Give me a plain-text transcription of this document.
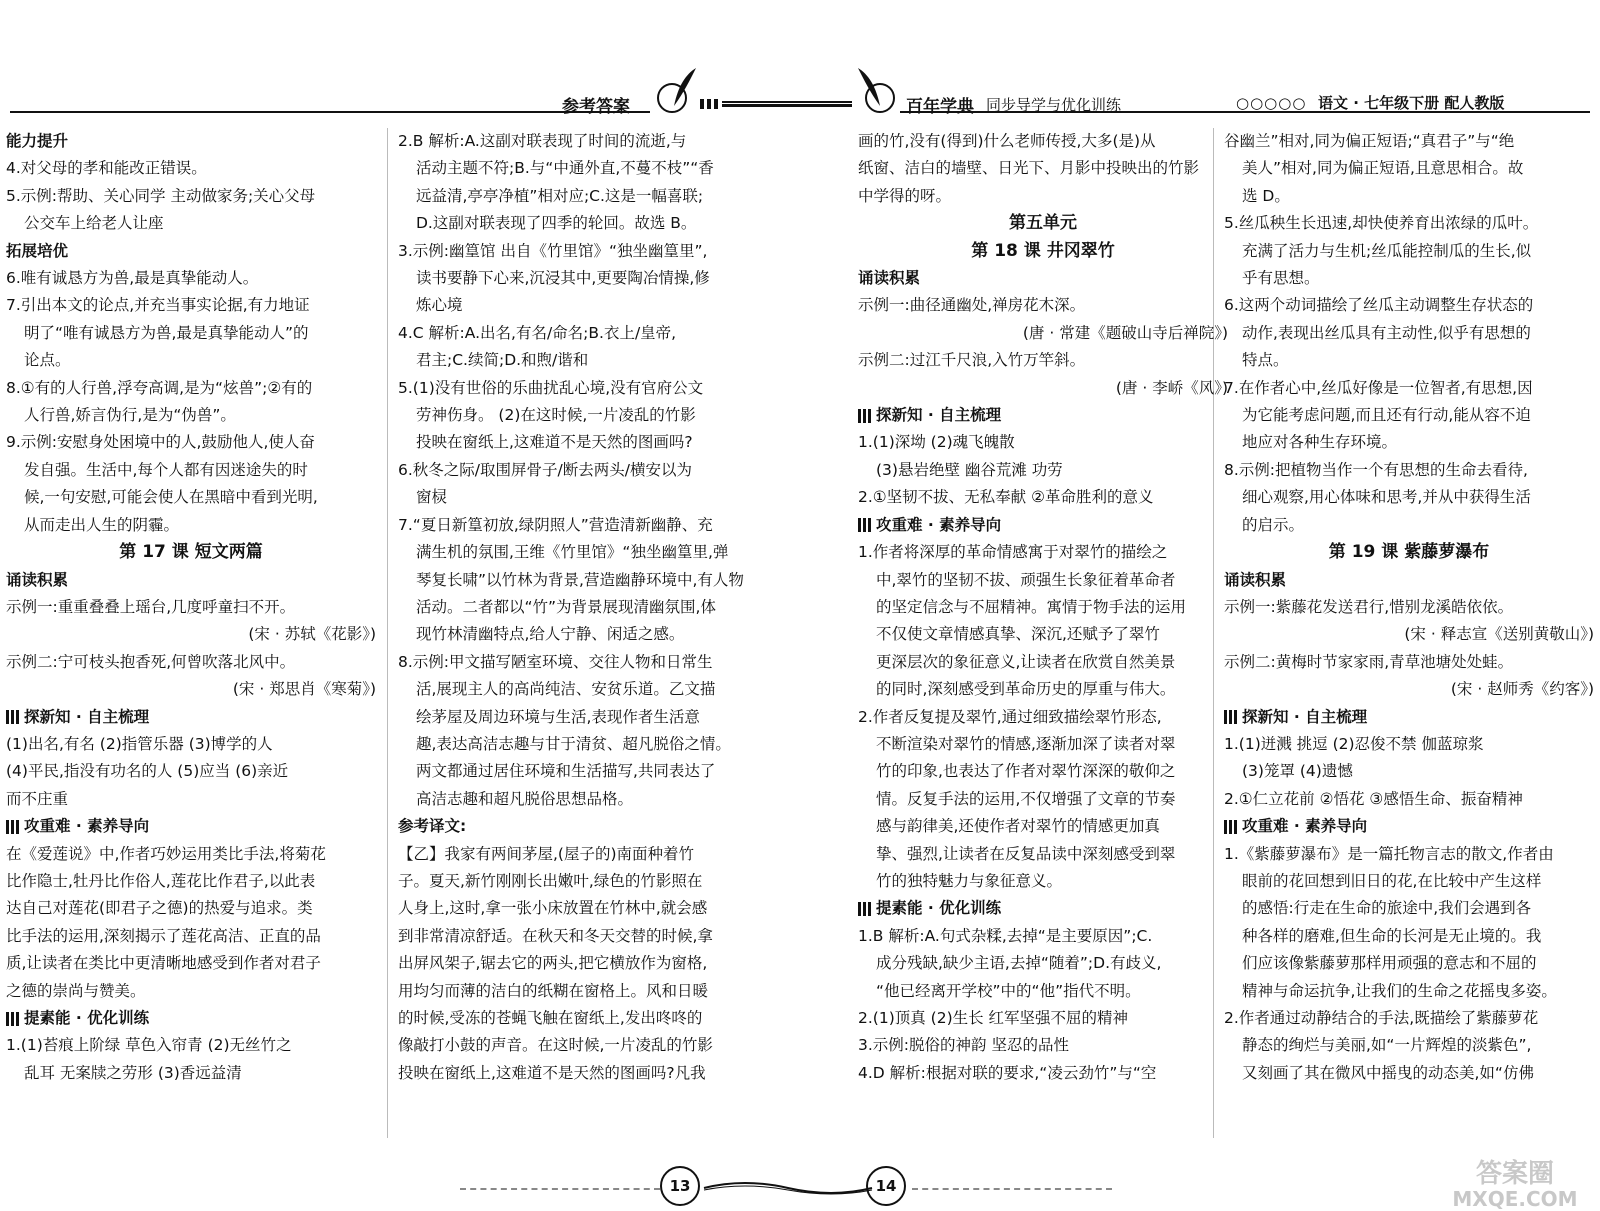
参考答案	百年学典 同步导学与优化训练	○○○○○ 语文 · 七年级下册 配人教版

能力提升

4.对父母的孝和能改正错误。

5.示例:帮助、关心同学 主动做家务;关心父母

公交车上给老人让座

拓展培优

6.唯有诚恳方为兽,最是真挚能动人。

7.引出本文的论点,并充当事实论据,有力地证

明了“唯有诚恳方为兽,最是真挚能动人”的

论点。

8.①有的人行兽,浮夸高调,是为“炫兽”;②有的

人行兽,娇言伪行,是为“伪兽”。

9.示例:安慰身处困境中的人,鼓励他人,使人奋

发自强。生活中,每个人都有因迷途失的时

候,一句安慰,可能会使人在黑暗中看到光明,

从而走出人生的阴霾。

第 17 课 短文两篇

诵读积累

示例一:重重叠叠上瑶台,几度呼童扫不开。

(宋 · 苏轼《花影》)

示例二:宁可枝头抱香死,何曾吹落北风中。

(宋 · 郑思肖《寒菊》)

探新知 · 自主梳理

(1)出名,有名 (2)指管乐器 (3)博学的人

(4)平民,指没有功名的人 (5)应当 (6)亲近

而不庄重

攻重难 · 素养导向

在《爱莲说》中,作者巧妙运用类比手法,将菊花

比作隐士,牡丹比作俗人,莲花比作君子,以此表

达自己对莲花(即君子之德)的热爱与追求。类

比手法的运用,深刻揭示了莲花高洁、正直的品

质,让读者在类比中更清晰地感受到作者对君子

之德的崇尚与赞美。

提素能 · 优化训练

1.(1)苔痕上阶绿 草色入帘青 (2)无丝竹之

乱耳 无案牍之劳形 (3)香远益清

2.B 解析:A.这副对联表现了时间的流逝,与

活动主题不符;B.与“中通外直,不蔓不枝”“香

远益清,亭亭净植”相对应;C.这是一幅喜联;

D.这副对联表现了四季的轮回。故选 B。

3.示例:幽篁馆 出自《竹里馆》“独坐幽篁里”,

读书要静下心来,沉浸其中,更要陶冶情操,修

炼心境

4.C 解析:A.出名,有名/命名;B.衣上/皇帝,

君主;C.续简;D.和煦/谐和

5.(1)没有世俗的乐曲扰乱心境,没有官府公文

劳神伤身。 (2)在这时候,一片凌乱的竹影

投映在窗纸上,这难道不是天然的图画吗?

6.秋冬之际/取围屏骨子/断去两头/横安以为

窗棂

7.“夏日新篁初放,绿阴照人”营造清新幽静、充

满生机的氛围,王维《竹里馆》“独坐幽篁里,弹

琴复长啸”以竹林为背景,营造幽静环境中,有人物

活动。二者都以“竹”为背景展现清幽氛围,体

现竹林清幽特点,给人宁静、闲适之感。

8.示例:甲文描写陋室环境、交往人物和日常生

活,展现主人的高尚纯洁、安贫乐道。乙文描

绘茅屋及周边环境与生活,表现作者生活意

趣,表达高洁志趣与甘于清贫、超凡脱俗之情。

两文都通过居住环境和生活描写,共同表达了

高洁志趣和超凡脱俗思想品格。

参考译文:

【乙】我家有两间茅屋,(屋子的)南面种着竹

子。夏天,新竹刚刚长出嫩叶,绿色的竹影照在

人身上,这时,拿一张小床放置在竹林中,就会感

到非常清凉舒适。在秋天和冬天交替的时候,拿

出屏风架子,锯去它的两头,把它横放作为窗格,

用均匀而薄的洁白的纸糊在窗格上。风和日暖

的时候,受冻的苍蝇飞触在窗纸上,发出咚咚的

像敲打小鼓的声音。在这时候,一片凌乱的竹影

投映在窗纸上,这难道不是天然的图画吗?凡我

画的竹,没有(得到)什么老师传授,大多(是)从

纸窗、洁白的墙壁、日光下、月影中投映出的竹影

中学得的呀。

第五单元

第 18 课 井冈翠竹

诵读积累

示例一:曲径通幽处,禅房花木深。

(唐 · 常建《题破山寺后禅院》)

示例二:过江千尺浪,入竹万竿斜。

(唐 · 李峤《风》)

探新知 · 自主梳理

1.(1)深坳 (2)魂飞魄散

(3)悬岩绝壁 幽谷荒滩 功劳

2.①坚韧不拔、无私奉献 ②革命胜利的意义

攻重难 · 素养导向

1.作者将深厚的革命情感寓于对翠竹的描绘之

中,翠竹的坚韧不拔、顽强生长象征着革命者

的坚定信念与不屈精神。寓情于物手法的运用

不仅使文章情感真挚、深沉,还赋予了翠竹

更深层次的象征意义,让读者在欣赏自然美景

的同时,深刻感受到革命历史的厚重与伟大。

2.作者反复提及翠竹,通过细致描绘翠竹形态,

不断渲染对翠竹的情感,逐渐加深了读者对翠

竹的印象,也表达了作者对翠竹深深的敬仰之

情。反复手法的运用,不仅增强了文章的节奏

感与韵律美,还使作者对翠竹的情感更加真

挚、强烈,让读者在反复品读中深刻感受到翠

竹的独特魅力与象征意义。

提素能 · 优化训练

1.B 解析:A.句式杂糅,去掉“是主要原因”;C.

成分残缺,缺少主语,去掉“随着”;D.有歧义,

“他已经离开学校”中的“他”指代不明。

2.(1)顶真 (2)生长 红军坚强不屈的精神

3.示例:脱俗的神韵 坚忍的品性

4.D 解析:根据对联的要求,“凌云劲竹”与“空

谷幽兰”相对,同为偏正短语;“真君子”与“绝

美人”相对,同为偏正短语,且意思相合。故

选 D。

5.丝瓜秧生长迅速,却快使养育出浓绿的瓜叶。

充满了活力与生机;丝瓜能控制瓜的生长,似

乎有思想。

6.这两个动词描绘了丝瓜主动调整生存状态的

动作,表现出丝瓜具有主动性,似乎有思想的

特点。

7.在作者心中,丝瓜好像是一位智者,有思想,因

为它能考虑问题,而且还有行动,能从容不迫

地应对各种生存环境。

8.示例:把植物当作一个有思想的生命去看待,

细心观察,用心体味和思考,并从中获得生活

的启示。

第 19 课 紫藤萝瀑布

诵读积累

示例一:紫藤花发送君行,惜别龙溪皓依依。

(宋 · 释志宣《送别黄敬山》)

示例二:黄梅时节家家雨,青草池塘处处蛙。

(宋 · 赵师秀《约客》)

探新知 · 自主梳理

1.(1)迸溅 挑逗 (2)忍俊不禁 伽蓝琼浆

(3)笼罩 (4)遗憾

2.①仁立花前 ②悟花 ③感悟生命、振奋精神

攻重难 · 素养导向

1.《紫藤萝瀑布》是一篇托物言志的散文,作者由

眼前的花回想到旧日的花,在比较中产生这样

的感悟:行走在生命的旅途中,我们会遇到各

种各样的磨难,但生命的长河是无止境的。我

们应该像紫藤萝那样用顽强的意志和不屈的

精神与命运抗争,让我们的生命之花摇曳多姿。

2.作者通过动静结合的手法,既描绘了紫藤萝花

静态的绚烂与美丽,如“一片辉煌的淡紫色”,

又刻画了其在微风中摇曳的动态美,如“仿佛

13	14	答案圈
MXQE.COM
